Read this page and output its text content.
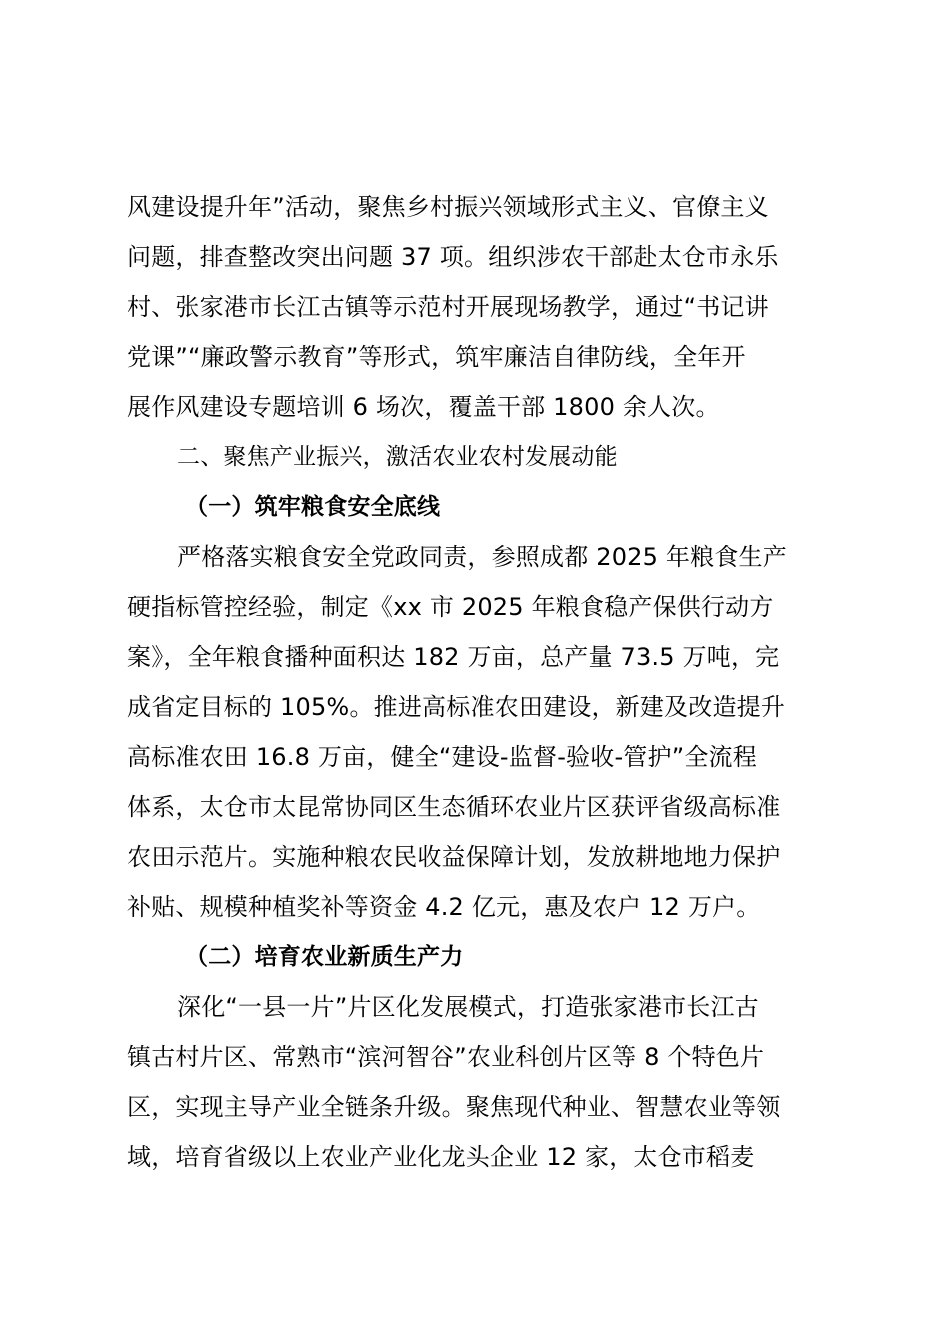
风建设提升年”活动，聚焦乡村振兴领域形式主义、官僚主义
问题，排查整改突出问题 37 项。组织涉农干部赴太仓市永乐
村、张家港市长江古镇等示范村开展现场教学，通过“书记讲
党课”“廉政警示教育”等形式，筑牢廉洁自律防线，全年开
展作风建设专题培训 6 场次，覆盖干部 1800 余人次。
二、聚焦产业振兴，激活农业农村发展动能
（一）筑牢粮食安全底线
严格落实粮食安全党政同责，参照成都 2025 年粮食生产
硬指标管控经验，制定《xx 市 2025 年粮食稳产保供行动方
案》，全年粮食播种面积达 182 万亩，总产量 73.5 万吨，完
成省定目标的 105%。推进高标准农田建设，新建及改造提升
高标准农田 16.8 万亩，健全“建设-监督-验收-管护”全流程
体系，太仓市太昆常协同区生态循环农业片区获评省级高标准
农田示范片。实施种粮农民收益保障计划，发放耕地地力保护
补贴、规模种植奖补等资金 4.2 亿元，惠及农户 12 万户。
（二）培育农业新质生产力
深化“一县一片”片区化发展模式，打造张家港市长江古
镇古村片区、常熟市“滨河智谷”农业科创片区等 8 个特色片
区，实现主导产业全链条升级。聚焦现代种业、智慧农业等领
域，培育省级以上农业产业化龙头企业 12 家，太仓市稻麦
